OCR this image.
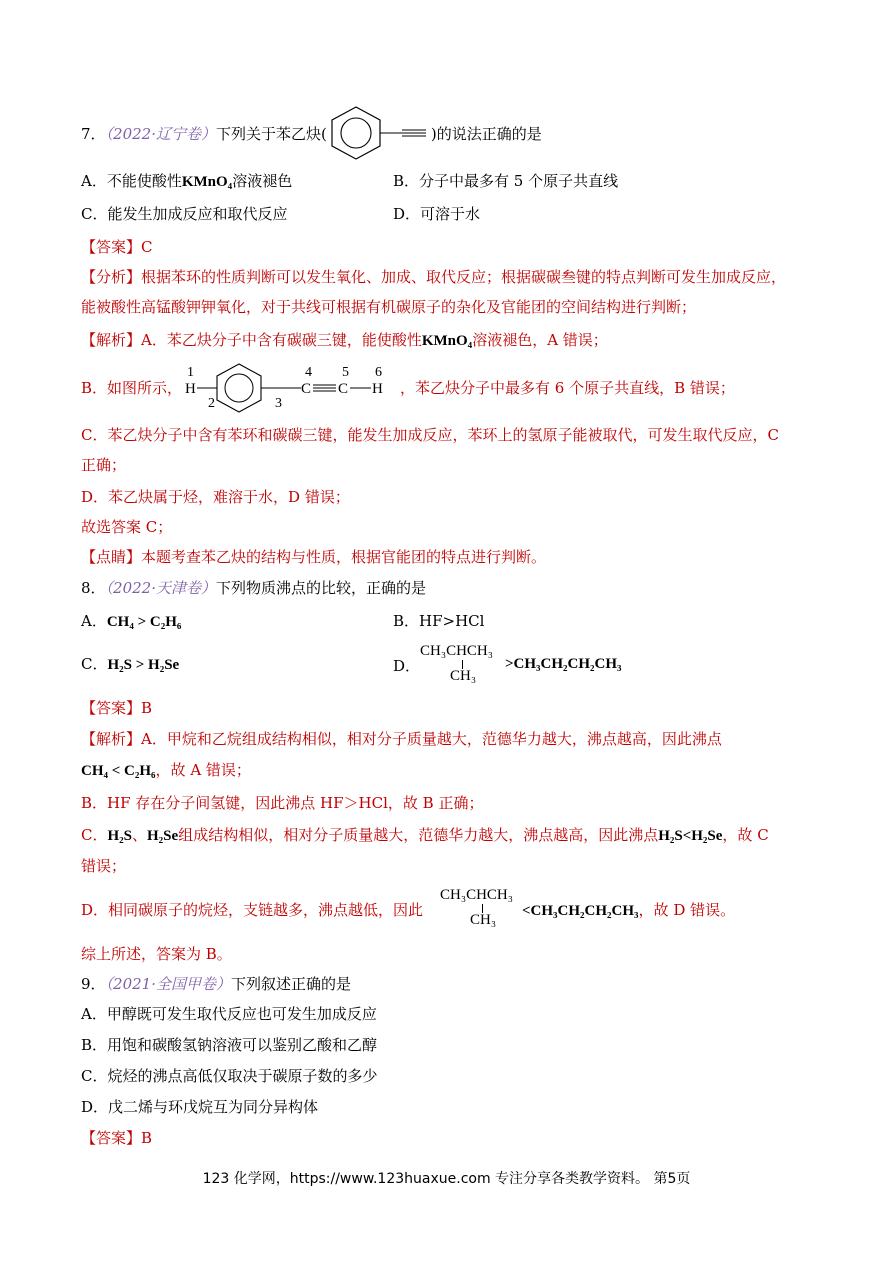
7．（2022·辽宁卷）下列关于苯乙炔(	)的说法正确的是
A．不能使酸性KMnO₄溶液褪色	B．分子中最多有 5 个原子共直线
C．能发生加成反应和取代反应	D．可溶于水
【答案】C
【分析】根据苯环的性质判断可以发生氧化、加成、取代反应；根据碳碳叁键的特点判断可发生加成反应，
能被酸性高锰酸钾钾氧化，对于共线可根据有机碳原子的杂化及官能团的空间结构进行判断；
【解析】A．苯乙炔分子中含有碳碳三键，能使酸性KMnO₄溶液褪色，A 错误；
B．如图所示，
1
H
2	3
4
C
5
C
6
H ，苯乙炔分子中最多有 6 个原子共直线，B 错误；
C．苯乙炔分子中含有苯环和碳碳三键，能发生加成反应，苯环上的氢原子能被取代，可发生取代反应，C
正确；
D．苯乙炔属于烃，难溶于水，D 错误；
故选答案 C；
【点睛】本题考查苯乙炔的结构与性质，根据官能团的特点进行判断。
8．（2022·天津卷）下列物质沸点的比较，正确的是
A．CH₄ > C₂H₆	B．HF>HCl
C．H₂S > H₂Se	D．
CH₃CHCH₃
CH₃
>CH₃CH₂CH₂CH₃
【答案】B
【解析】A．甲烷和乙烷组成结构相似，相对分子质量越大，范德华力越大，沸点越高，因此沸点
CH₄ < C₂H₆，故 A 错误；
B．HF 存在分子间氢键，因此沸点 HF＞HCl，故 B 正确；
C．H₂S、H₂Se组成结构相似，相对分子质量越大，范德华力越大，沸点越高，因此沸点H₂S<H₂Se，故 C
错误；
D．相同碳原子的烷烃，支链越多，沸点越低，因此
CH₃CHCH₃
CH₃
<CH₃CH₂CH₂CH₃，故 D 错误。
综上所述，答案为 B。
9．（2021·全国甲卷）下列叙述正确的是
A．甲醇既可发生取代反应也可发生加成反应
B．用饱和碳酸氢钠溶液可以鉴别乙酸和乙醇
C．烷烃的沸点高低仅取决于碳原子数的多少
D．戊二烯与环戊烷互为同分异构体
【答案】B
123 化学网，https://www.123huaxue.com 专注分享各类教学资料。 第5页
